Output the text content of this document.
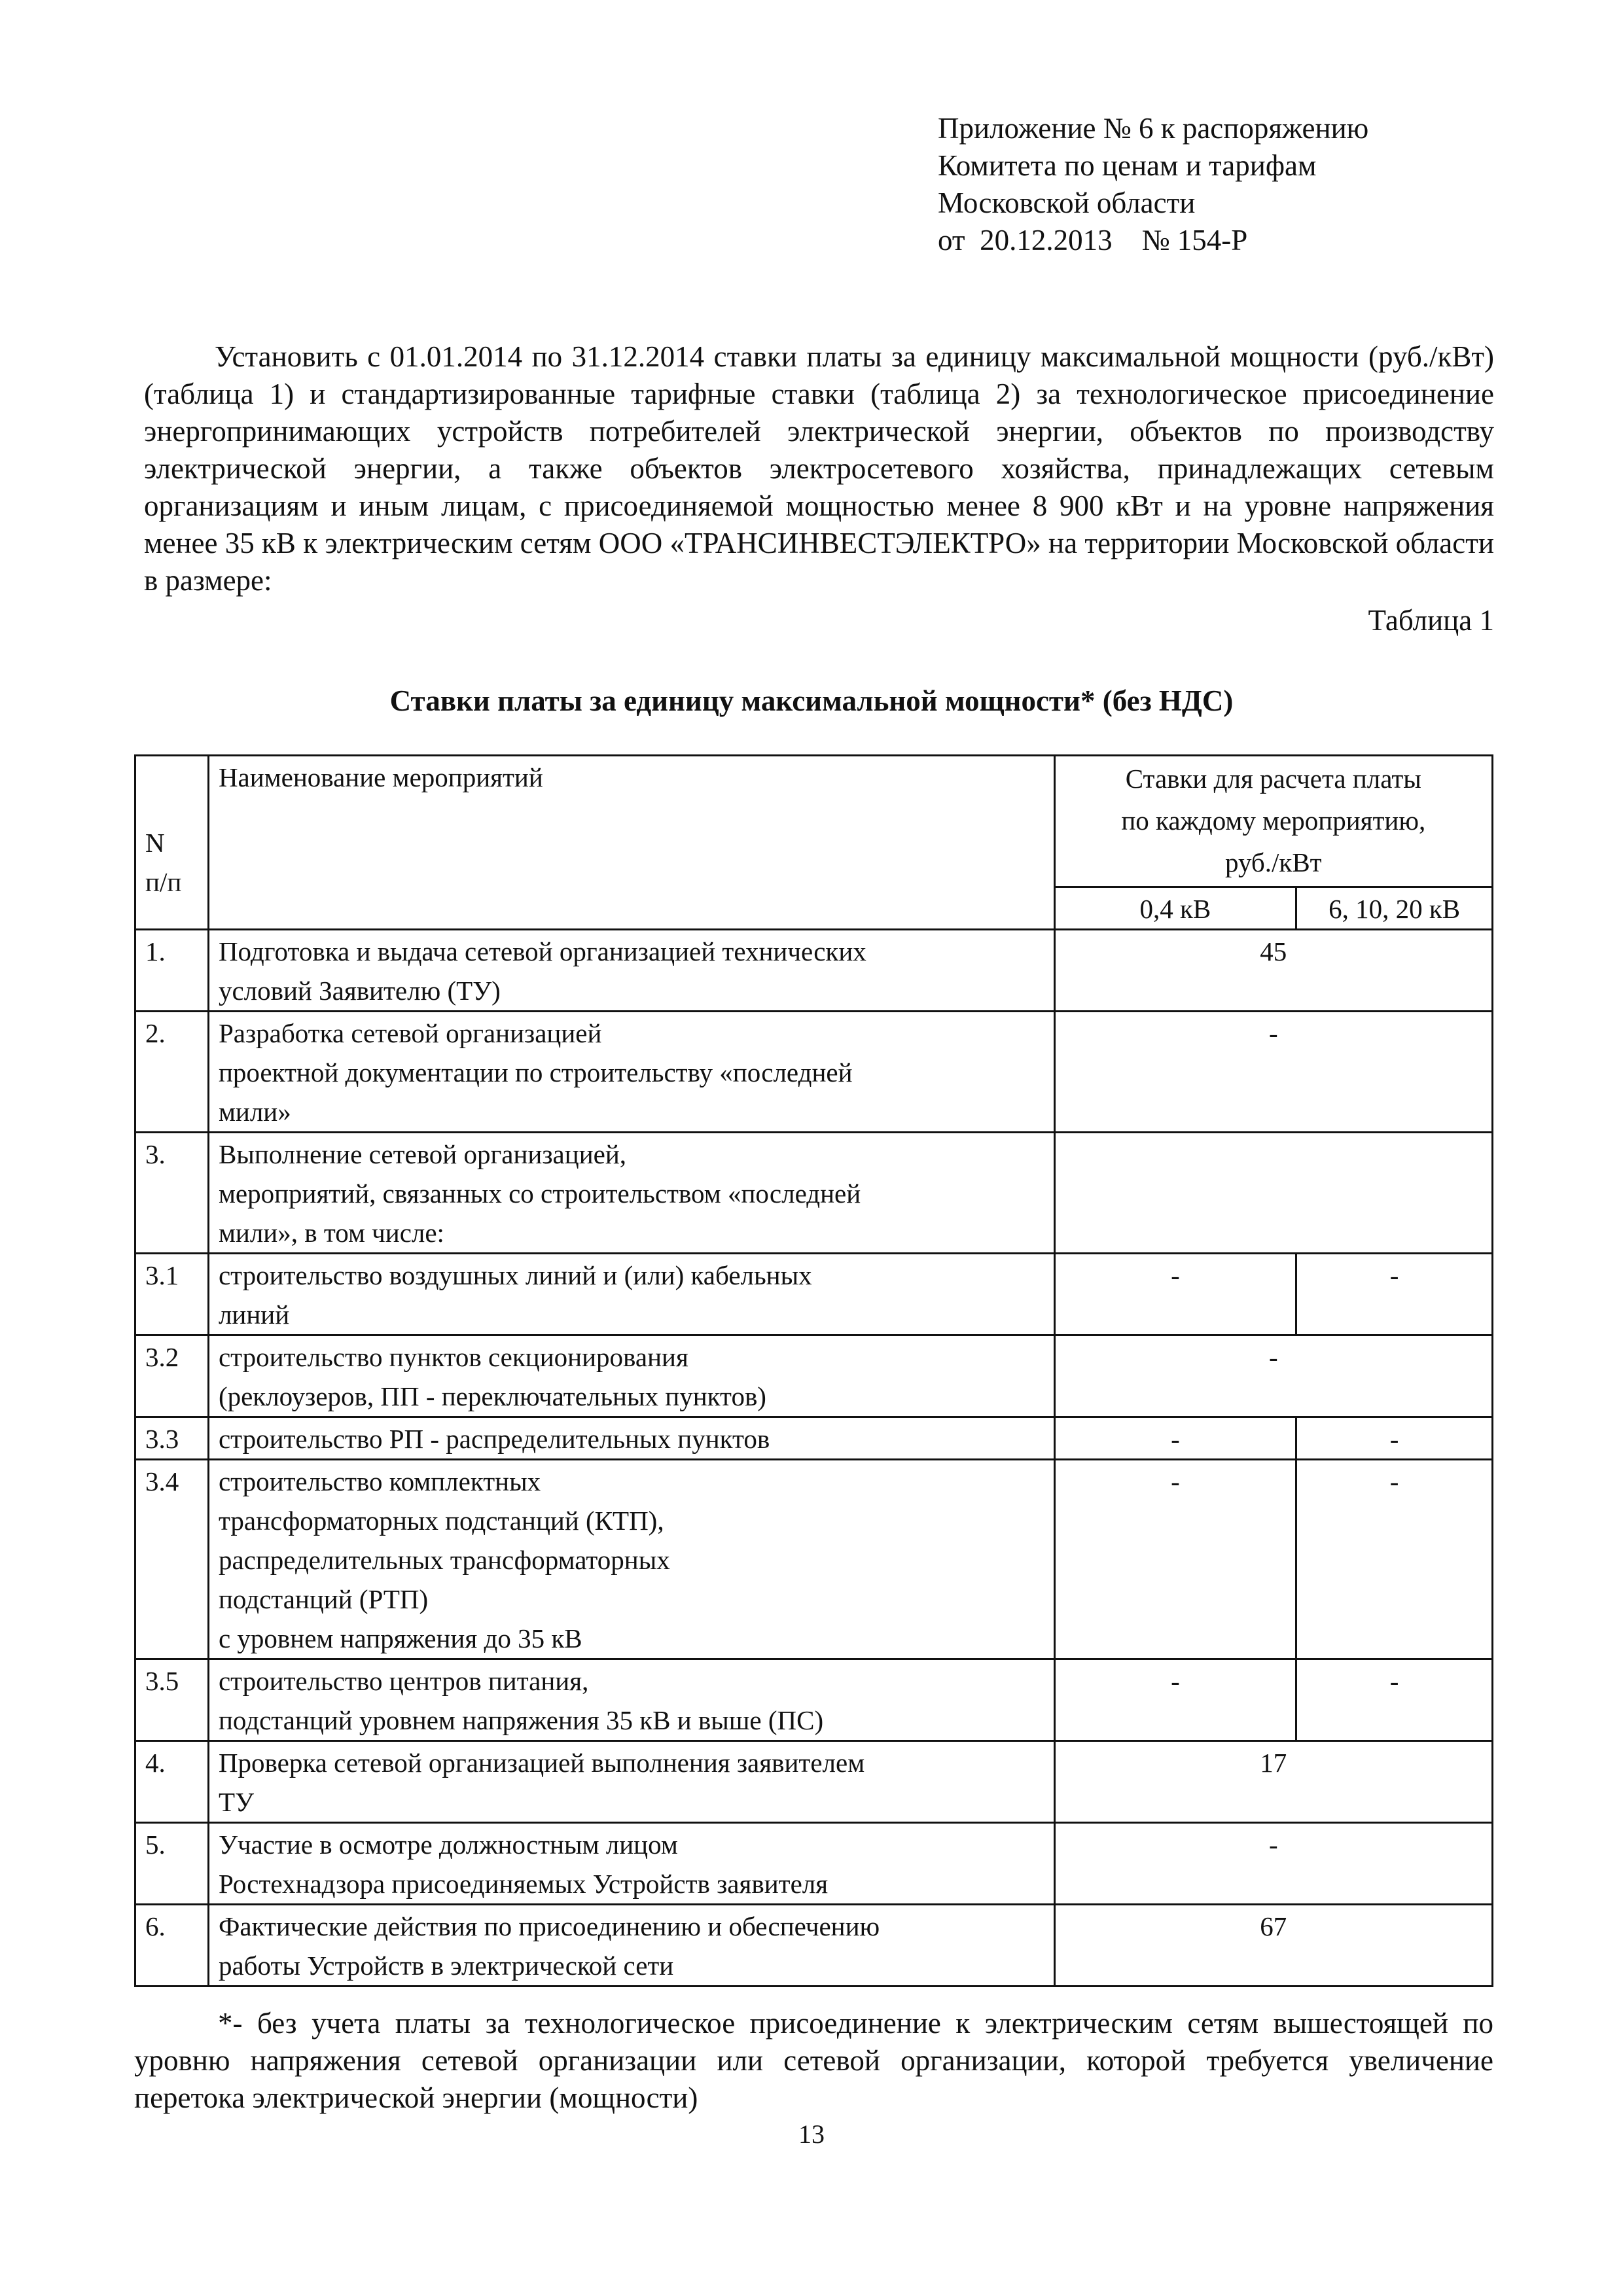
Приложение № 6 к распоряжению
Комитета по ценам и тарифам
Московской области
от  20.12.2013    № 154-Р
Установить с 01.01.2014 по 31.12.2014 ставки платы за единицу максимальной мощности (руб./кВт) (таблица 1) и стандартизированные тарифные ставки (таблица 2) за технологическое присоединение энергопринимающих устройств потребителей электрической энергии, объектов по производству электрической энергии, а также объектов электросетевого хозяйства, принадлежащих сетевым организациям и иным лицам, с присоединяемой мощностью менее 8 900 кВт и на уровне напряжения менее 35 кВ к электрическим сетям ООО «ТРАНСИНВЕСТЭЛЕКТРО» на территории Московской области в размере:
Таблица 1
Ставки платы за единицу максимальной мощности* (без НДС)
N
п/п	Наименование мероприятий	Ставки для расчета платы
по каждому мероприятию,
руб./кВт	
		0,4 кВ	6, 10, 20 кВ
1.	Подготовка и выдача сетевой организацией технических
условий Заявителю (ТУ)	45	
2.	Разработка сетевой организацией
проектной документации по строительству «последней
мили»	-	
3.	Выполнение сетевой организацией,
мероприятий, связанных со строительством «последней
мили», в том числе:		
3.1	строительство воздушных линий и (или) кабельных
линий	-	-
3.2	строительство пунктов секционирования
(реклоузеров, ПП - переключательных пунктов)	-	
3.3	строительство РП - распределительных пунктов	-	-
3.4	строительство комплектных
трансформаторных подстанций (КТП),
распределительных трансформаторных
подстанций (РТП)
с уровнем напряжения до 35 кВ	-	-
3.5	строительство центров питания,
подстанций уровнем напряжения 35 кВ и выше (ПС)	-	-
4.	Проверка сетевой организацией выполнения заявителем
ТУ	17	
5.	Участие в осмотре должностным лицом
Ростехнадзора присоединяемых Устройств заявителя	-	
6.	Фактические действия по присоединению и обеспечению
работы Устройств в электрической сети	67	
*- без учета платы за технологическое присоединение к электрическим сетям вышестоящей по уровню напряжения сетевой организации или сетевой организации, которой требуется увеличение перетока электрической энергии (мощности)
13
